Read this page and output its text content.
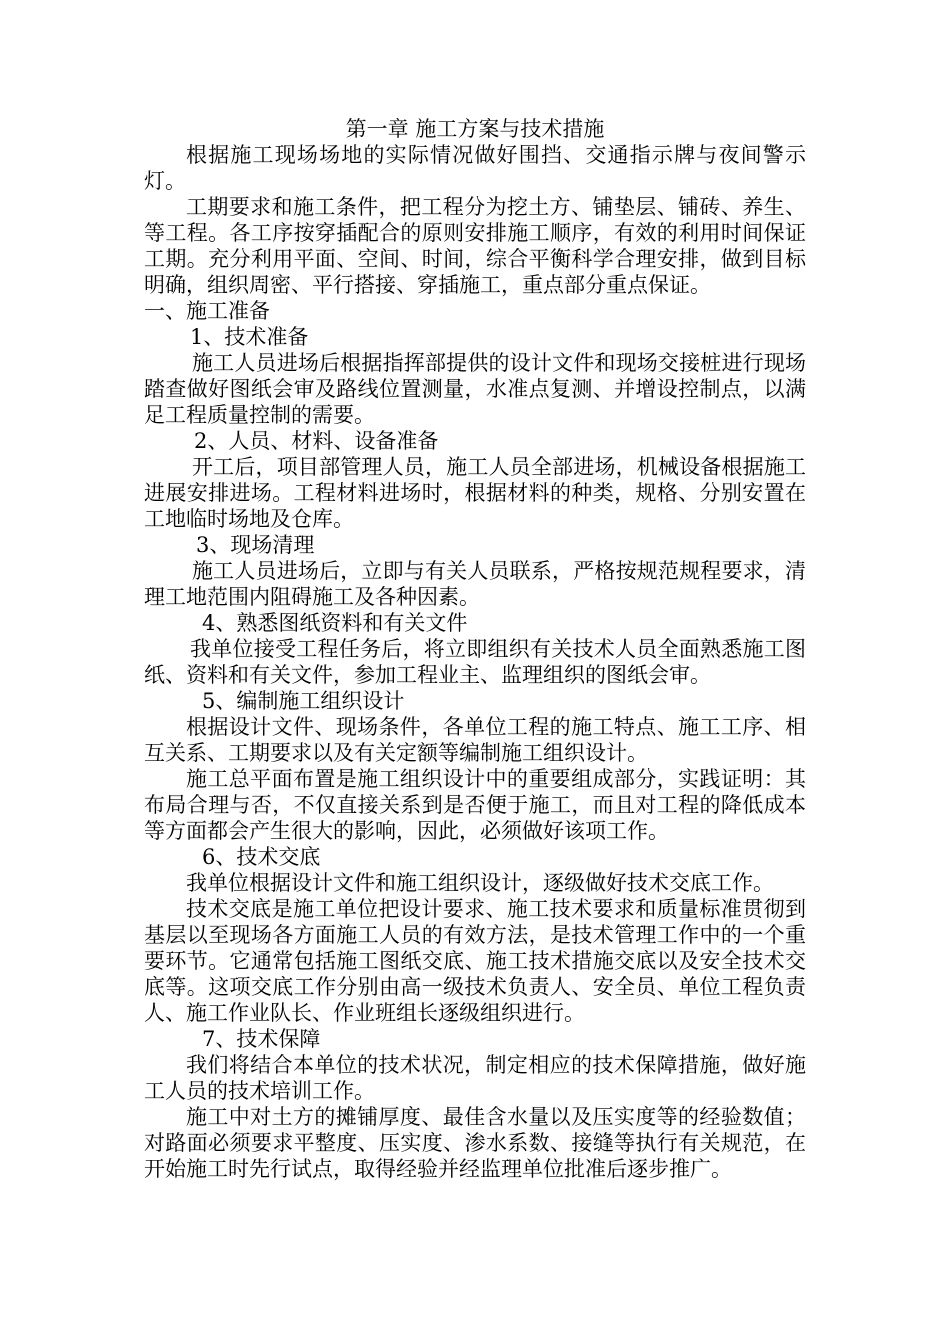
第一章 施工方案与技术措施

根据施工现场场地的实际情况做好围挡、交通指示牌与夜间警示灯。

工期要求和施工条件，把工程分为挖土方、铺垫层、铺砖、养生、等工程。各工序按穿插配合的原则安排施工顺序，有效的利用时间保证工期。充分利用平面、空间、时间，综合平衡科学合理安排，做到目标明确，组织周密、平行搭接、穿插施工，重点部分重点保证。

一、施工准备

1、技术准备

施工人员进场后根据指挥部提供的设计文件和现场交接桩进行现场踏查做好图纸会审及路线位置测量，水准点复测、并增设控制点，以满足工程质量控制的需要。

2、人员、材料、设备准备

开工后，项目部管理人员，施工人员全部进场，机械设备根据施工进展安排进场。工程材料进场时，根据材料的种类，规格、分别安置在工地临时场地及仓库。

3、现场清理

施工人员进场后，立即与有关人员联系，严格按规范规程要求，清理工地范围内阻碍施工及各种因素。

4、熟悉图纸资料和有关文件

我单位接受工程任务后，将立即组织有关技术人员全面熟悉施工图纸、资料和有关文件，参加工程业主、监理组织的图纸会审。

5、编制施工组织设计

根据设计文件、现场条件，各单位工程的施工特点、施工工序、相互关系、工期要求以及有关定额等编制施工组织设计。

施工总平面布置是施工组织设计中的重要组成部分，实践证明：其布局合理与否，不仅直接关系到是否便于施工，而且对工程的降低成本等方面都会产生很大的影响，因此，必须做好该项工作。

6、技术交底

我单位根据设计文件和施工组织设计，逐级做好技术交底工作。

技术交底是施工单位把设计要求、施工技术要求和质量标准贯彻到基层以至现场各方面施工人员的有效方法，是技术管理工作中的一个重要环节。它通常包括施工图纸交底、施工技术措施交底以及安全技术交底等。这项交底工作分别由高一级技术负责人、安全员、单位工程负责人、施工作业队长、作业班组长逐级组织进行。

7、技术保障

我们将结合本单位的技术状况，制定相应的技术保障措施，做好施工人员的技术培训工作。

施工中对土方的摊铺厚度、最佳含水量以及压实度等的经验数值；对路面必须要求平整度、压实度、渗水系数、接缝等执行有关规范，在开始施工时先行试点，取得经验并经监理单位批准后逐步推广。
